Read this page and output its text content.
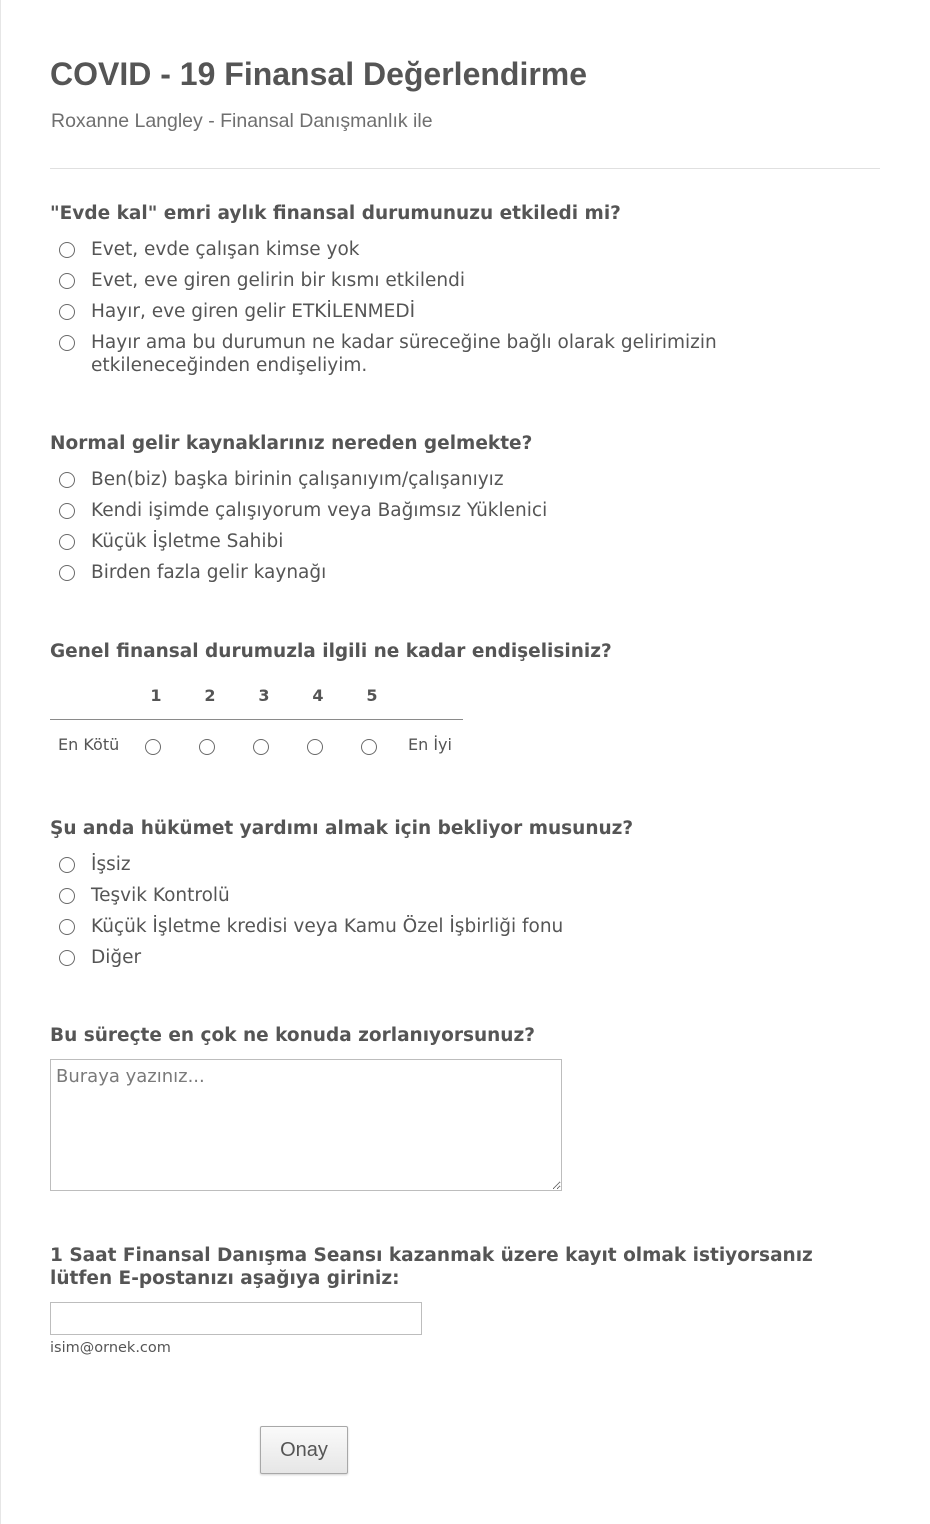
COVID - 19 Finansal Değerlendirme
Roxanne Langley - Finansal Danışmanlık ile
"Evde kal" emri aylık finansal durumunuzu etkiledi mi?
Evet, evde çalışan kimse yok
Evet, eve giren gelirin bir kısmı etkilendi
Hayır, eve giren gelir ETKİLENMEDİ
Hayır ama bu durumun ne kadar süreceğine bağlı olarak gelirimizin etkileneceğinden endişeliyim.
Normal gelir kaynaklarınız nereden gelmekte?
Ben(biz) başka birinin çalışanıyım/çalışanıyız
Kendi işimde çalışıyorum veya Bağımsız Yüklenici
Küçük İşletme Sahibi
Birden fazla gelir kaynağı
Genel finansal durumuzla ilgili ne kadar endişelisiniz?
1	2	3	4	5
En Kötü	En İyi
Şu anda hükümet yardımı almak için bekliyor musunuz?
İşsiz
Teşvik Kontrolü
Küçük İşletme kredisi veya Kamu Özel İşbirliği fonu
Diğer
Bu süreçte en çok ne konuda zorlanıyorsunuz?
Buraya yazınız...
1 Saat Finansal Danışma Seansı kazanmak üzere kayıt olmak istiyorsanız lütfen E-postanızı aşağıya giriniz:
isim@ornek.com
Onay
